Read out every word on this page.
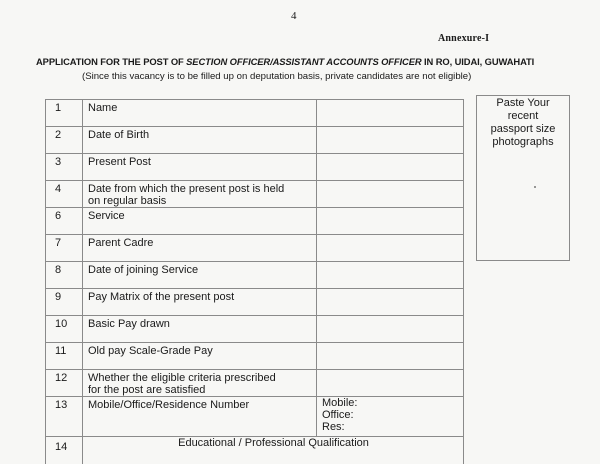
4
Annexure-I
APPLICATION FOR THE POST OF SECTION OFFICER/ASSISTANT ACCOUNTS OFFICER IN RO, UIDAI, GUWAHATI
(Since this vacancy is to be filled up on deputation basis, private candidates are not eligible)
1	Name	
2	Date of Birth	
3	Present Post	
4	Date from which the present post is held
on regular basis	

6	Service	
7	Parent Cadre	
8	Date of joining Service	
9	Pay Matrix of the present post	
10	Basic Pay drawn	
11	Old pay Scale-Grade Pay	
12	Whether the eligible criteria prescribed
for the post are satisfied	

13	Mobile/Office/Residence Number	Mobile:
Office:
Res:

14	Educational / Professional Qualification	
Paste Your
recent
passport size
photographs
